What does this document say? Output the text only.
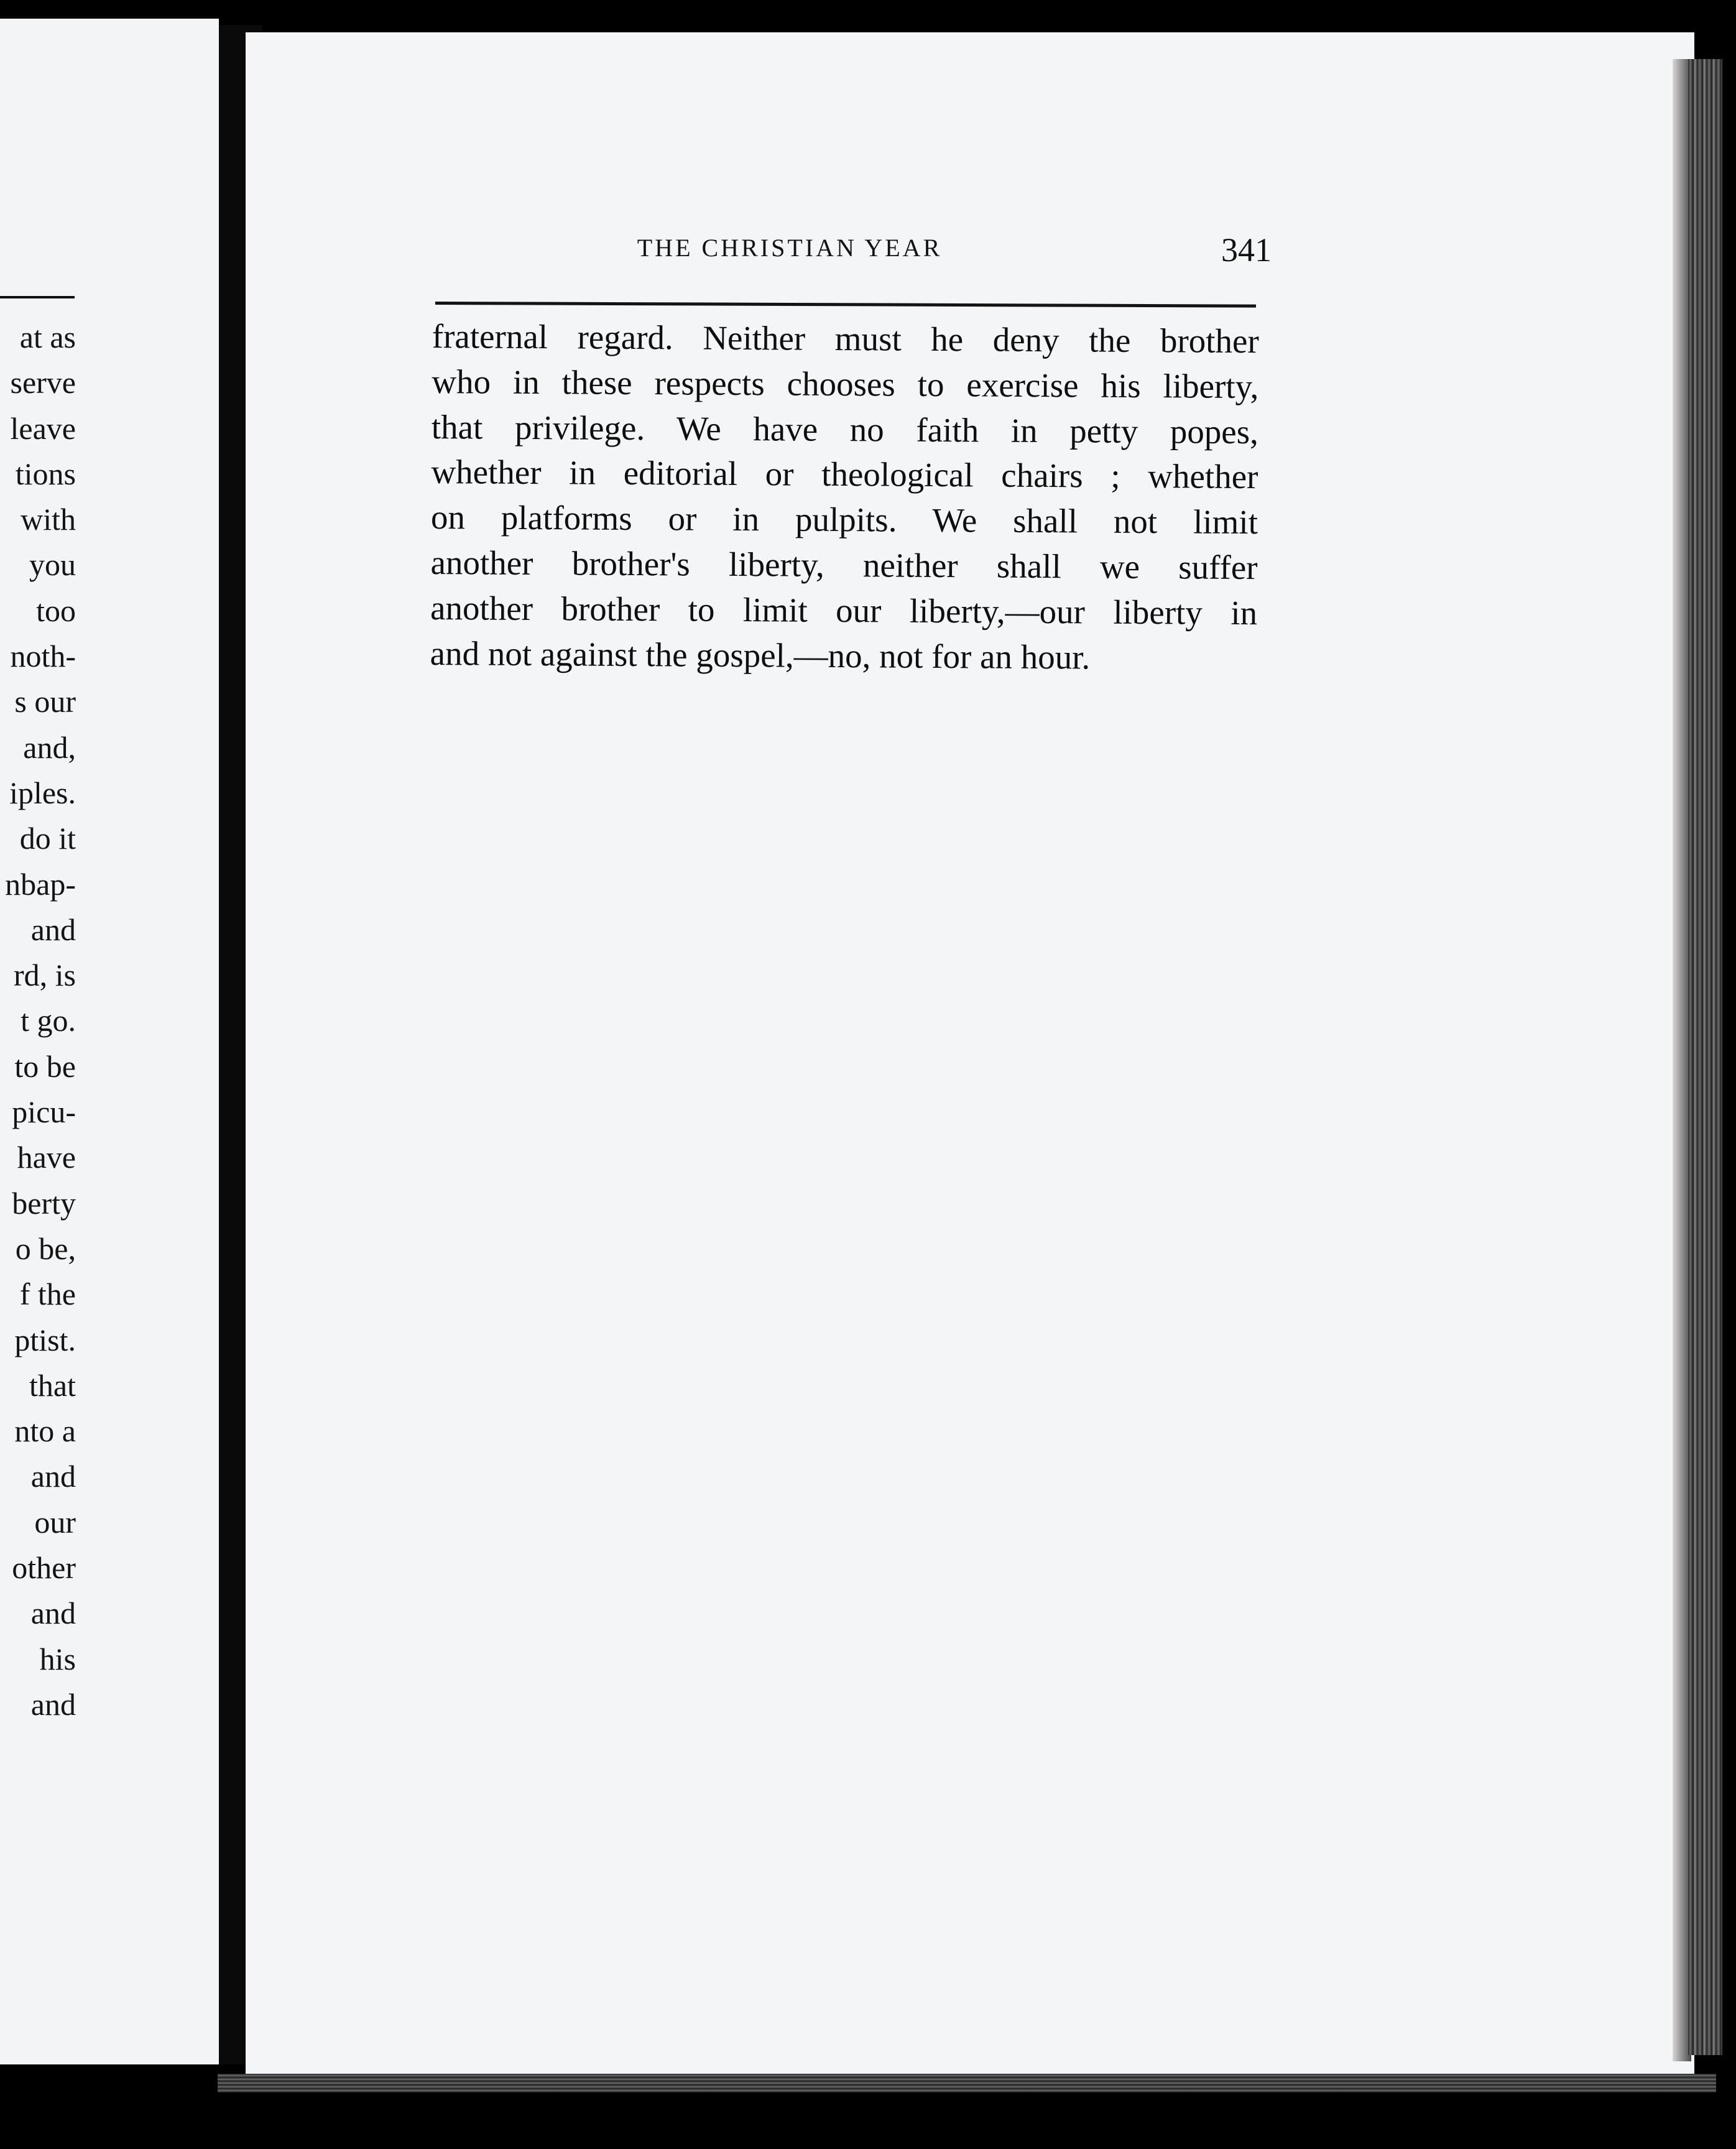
at as
serve
leave
tions
with
you
too
noth-
s our
and,
iples.
do it
nbap-
and
rd, is
t go.
to be
picu-
have
berty
o be,
f the
ptist.
that
nto a
and
our
other
and
his
and
THE CHRISTIAN YEAR	341
fraternal regard. Neither must he deny the brother
who in these respects chooses to exercise his liberty,
that privilege. We have no faith in petty popes,
whether in editorial or theological chairs ; whether
on platforms or in pulpits. We shall not limit
another brother's liberty, neither shall we suffer
another brother to limit our liberty,—our liberty in
and not against the gospel,—no, not for an hour.
